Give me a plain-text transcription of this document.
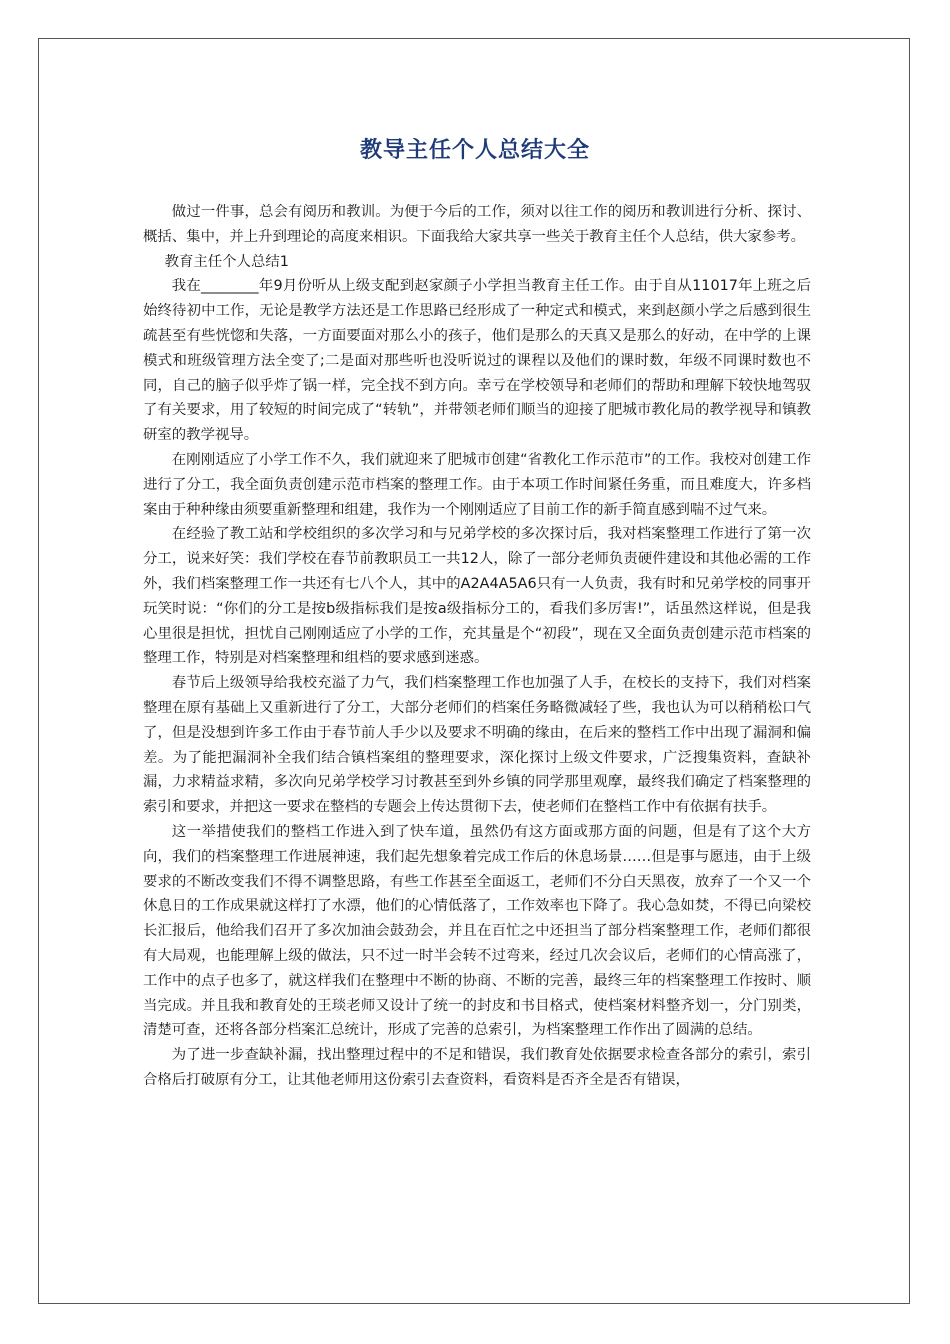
教导主任个人总结大全

做过一件事，总会有阅历和教训。为便于今后的工作，须对以往工作的阅历和教训进行分析、探讨、概括、集中，并上升到理论的高度来相识。下面我给大家共享一些关于教育主任个人总结，供大家参考。

教育主任个人总结1

我在________年9月份听从上级支配到赵家颜子小学担当教育主任工作。由于自从11017年上班之后始终待初中工作，无论是教学方法还是工作思路已经形成了一种定式和模式，来到赵颜小学之后感到很生疏甚至有些恍惚和失落，一方面要面对那么小的孩子，他们是那么的天真又是那么的好动，在中学的上课模式和班级管理方法全变了;二是面对那些听也没听说过的课程以及他们的课时数，年级不同课时数也不同，自己的脑子似乎炸了锅一样，完全找不到方向。幸亏在学校领导和老师们的帮助和理解下较快地驾驭了有关要求，用了较短的时间完成了“转轨”，并带领老师们顺当的迎接了肥城市教化局的教学视导和镇教研室的教学视导。

在刚刚适应了小学工作不久，我们就迎来了肥城市创建“省教化工作示范市”的工作。我校对创建工作进行了分工，我全面负责创建示范市档案的整理工作。由于本项工作时间紧任务重，而且难度大，许多档案由于种种缘由须要重新整理和组建，我作为一个刚刚适应了目前工作的新手简直感到喘不过气来。

在经验了教工站和学校组织的多次学习和与兄弟学校的多次探讨后，我对档案整理工作进行了第一次分工，说来好笑：我们学校在春节前教职员工一共12人，除了一部分老师负责硬件建设和其他必需的工作外，我们档案整理工作一共还有七八个人，其中的A2A4A5A6只有一人负责，我有时和兄弟学校的同事开玩笑时说：“你们的分工是按b级指标我们是按a级指标分工的，看我们多厉害!”，话虽然这样说，但是我心里很是担忧，担忧自己刚刚适应了小学的工作，充其量是个“初段”，现在又全面负责创建示范市档案的整理工作，特别是对档案整理和组档的要求感到迷惑。

春节后上级领导给我校充溢了力气，我们档案整理工作也加强了人手，在校长的支持下，我们对档案整理在原有基础上又重新进行了分工，大部分老师们的档案任务略微减轻了些，我也认为可以稍稍松口气了，但是没想到许多工作由于春节前人手少以及要求不明确的缘由，在后来的整档工作中出现了漏洞和偏差。为了能把漏洞补全我们结合镇档案组的整理要求，深化探讨上级文件要求，广泛搜集资料，查缺补漏，力求精益求精，多次向兄弟学校学习讨教甚至到外乡镇的同学那里观摩，最终我们确定了档案整理的索引和要求，并把这一要求在整档的专题会上传达贯彻下去，使老师们在整档工作中有依据有扶手。

这一举措使我们的整档工作进入到了快车道，虽然仍有这方面或那方面的问题，但是有了这个大方向，我们的档案整理工作进展神速，我们起先想象着完成工作后的休息场景……但是事与愿违，由于上级要求的不断改变我们不得不调整思路，有些工作甚至全面返工，老师们不分白天黑夜，放弃了一个又一个休息日的工作成果就这样打了水漂，他们的心情低落了，工作效率也下降了。我心急如焚，不得已向梁校长汇报后，他给我们召开了多次加油会鼓劲会，并且在百忙之中还担当了部分档案整理工作，老师们都很有大局观，也能理解上级的做法，只不过一时半会转不过弯来，经过几次会议后，老师们的心情高涨了，工作中的点子也多了，就这样我们在整理中不断的协商、不断的完善，最终三年的档案整理工作按时、顺当完成。并且我和教育处的王琰老师又设计了统一的封皮和书目格式，使档案材料整齐划一，分门别类，清楚可查，还将各部分档案汇总统计，形成了完善的总索引，为档案整理工作作出了圆满的总结。

为了进一步查缺补漏，找出整理过程中的不足和错误，我们教育处依据要求检查各部分的索引，索引合格后打破原有分工，让其他老师用这份索引去查资料，看资料是否齐全是否有错误，
